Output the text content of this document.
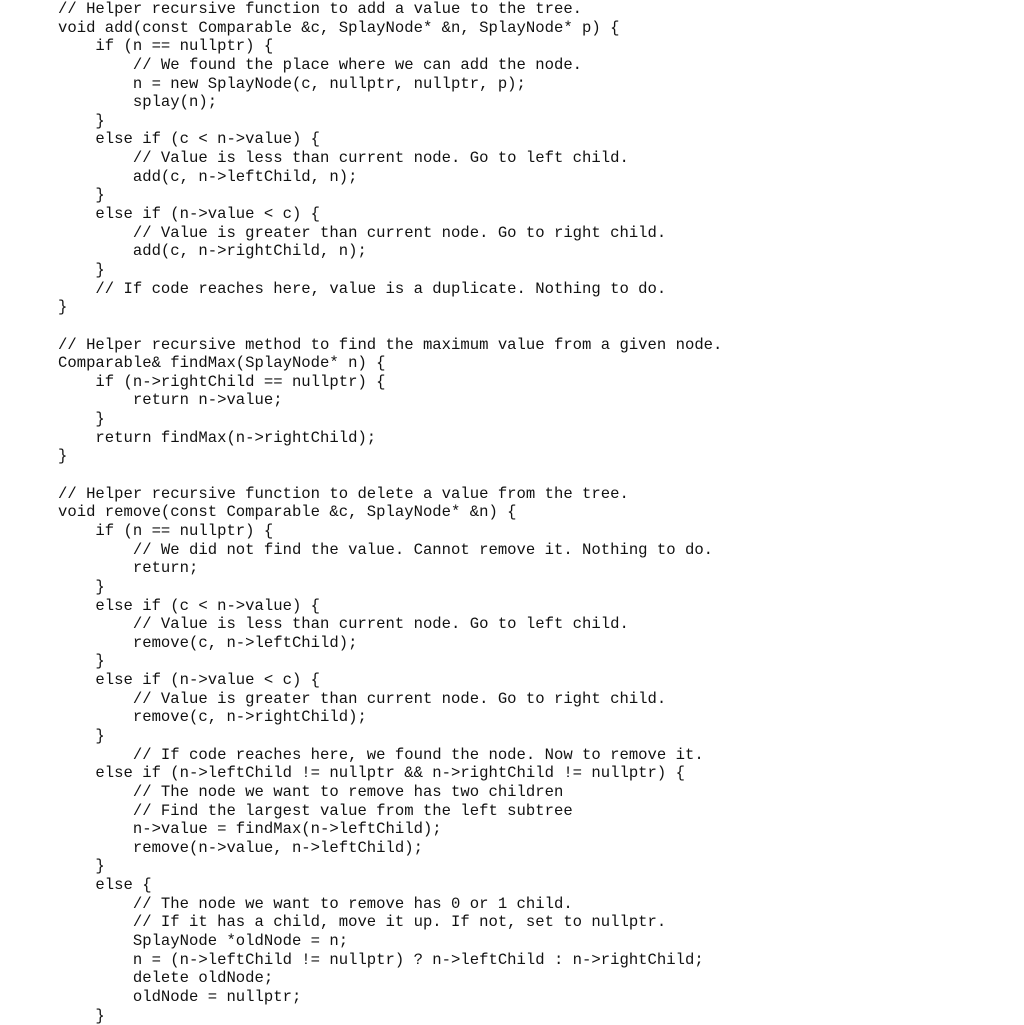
// Helper recursive function to add a value to the tree.
void add(const Comparable &c, SplayNode* &n, SplayNode* p) {
if (n == nullptr) {
// We found the place where we can add the node.
n = new SplayNode(c, nullptr, nullptr, p);
splay(n);
}
else if (c < n->value) {
// Value is less than current node. Go to left child.
add(c, n->leftChild, n);
}
else if (n->value < c) {
// Value is greater than current node. Go to right child.
add(c, n->rightChild, n);
}
// If code reaches here, value is a duplicate. Nothing to do.
}
// Helper recursive method to find the maximum value from a given node.
Comparable& findMax(SplayNode* n) {
if (n->rightChild == nullptr) {
return n->value;
}
return findMax(n->rightChild);
}
// Helper recursive function to delete a value from the tree.
void remove(const Comparable &c, SplayNode* &n) {
if (n == nullptr) {
// We did not find the value. Cannot remove it. Nothing to do.
return;
}
else if (c < n->value) {
// Value is less than current node. Go to left child.
remove(c, n->leftChild);
}
else if (n->value < c) {
// Value is greater than current node. Go to right child.
remove(c, n->rightChild);
}
// If code reaches here, we found the node. Now to remove it.
else if (n->leftChild != nullptr && n->rightChild != nullptr) {
// The node we want to remove has two children
// Find the largest value from the left subtree
n->value = findMax(n->leftChild);
remove(n->value, n->leftChild);
}
else {
// The node we want to remove has 0 or 1 child.
// If it has a child, move it up. If not, set to nullptr.
SplayNode *oldNode = n;
n = (n->leftChild != nullptr) ? n->leftChild : n->rightChild;
delete oldNode;
oldNode = nullptr;
}
